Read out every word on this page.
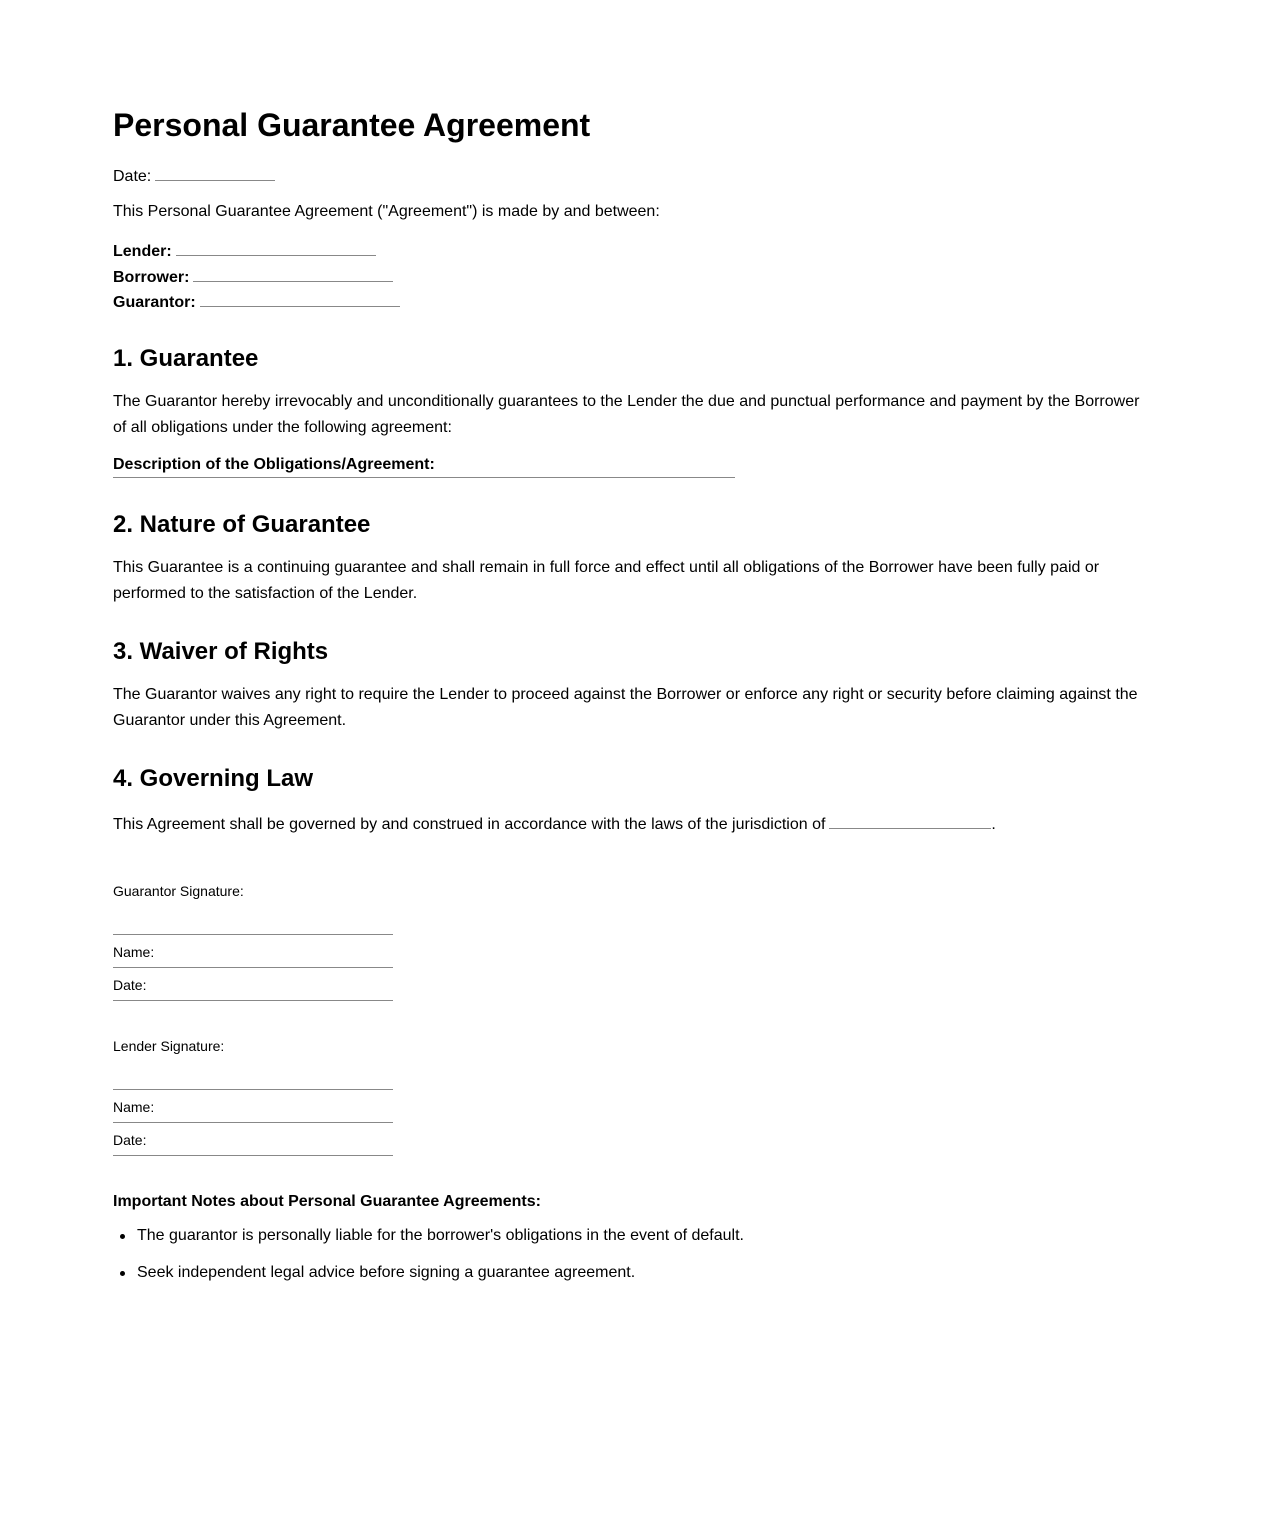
Personal Guarantee Agreement
Date:
This Personal Guarantee Agreement ("Agreement") is made by and between:
Lender:
Borrower:
Guarantor:
1. Guarantee

The Guarantor hereby irrevocably and unconditionally guarantees to the Lender the due and punctual performance and payment by the Borrower of all obligations under the following agreement:

Description of the Obligations/Agreement:
2. Nature of Guarantee

This Guarantee is a continuing guarantee and shall remain in full force and effect until all obligations of the Borrower have been fully paid or performed to the satisfaction of the Lender.

3. Waiver of Rights

The Guarantor waives any right to require the Lender to proceed against the Borrower or enforce any right or security before claiming against the Guarantor under this Agreement.

4. Governing Law
This Agreement shall be governed by and construed in accordance with the laws of the jurisdiction of	.
Guarantor Signature:
Name:
Date:
Lender Signature:
Name:
Date:
Important Notes about Personal Guarantee Agreements:
The guarantor is personally liable for the borrower's obligations in the event of default.
Seek independent legal advice before signing a guarantee agreement.
